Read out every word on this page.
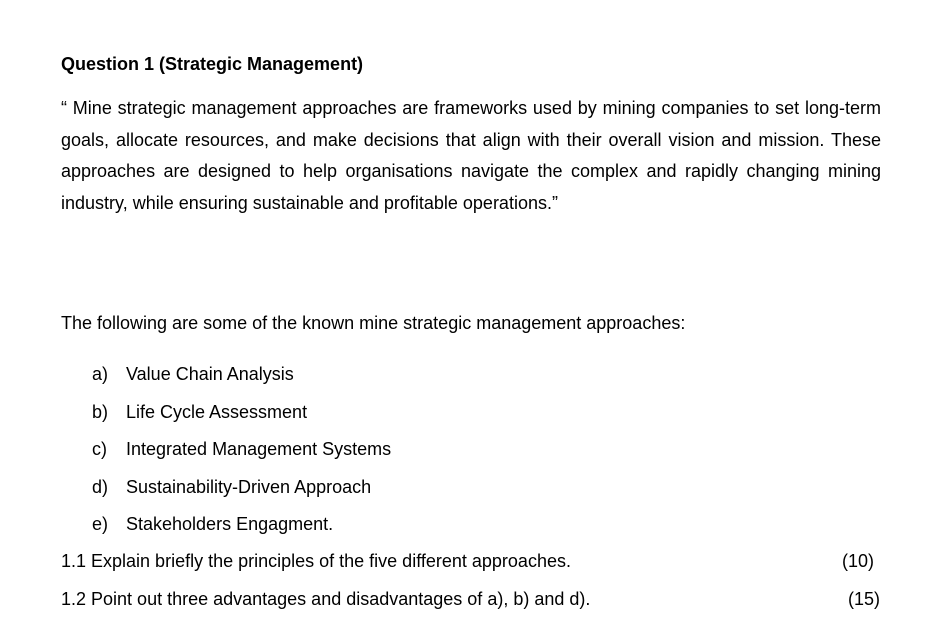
Question 1 (Strategic Management)
“ Mine strategic management approaches are frameworks used by mining companies to set long-term goals, allocate resources, and make decisions that align with their overall vision and mission. These approaches are designed to help organisations navigate the complex and rapidly changing mining industry, while ensuring sustainable and profitable operations.”
The following are some of the known mine strategic management approaches:
a) Value Chain Analysis
b) Life Cycle Assessment
c) Integrated Management Systems
d) Sustainability-Driven Approach
e) Stakeholders Engagment.
1.1 Explain briefly the principles of the five different approaches.	(10)
1.2 Point out three advantages and disadvantages of a), b) and d).	(15)
